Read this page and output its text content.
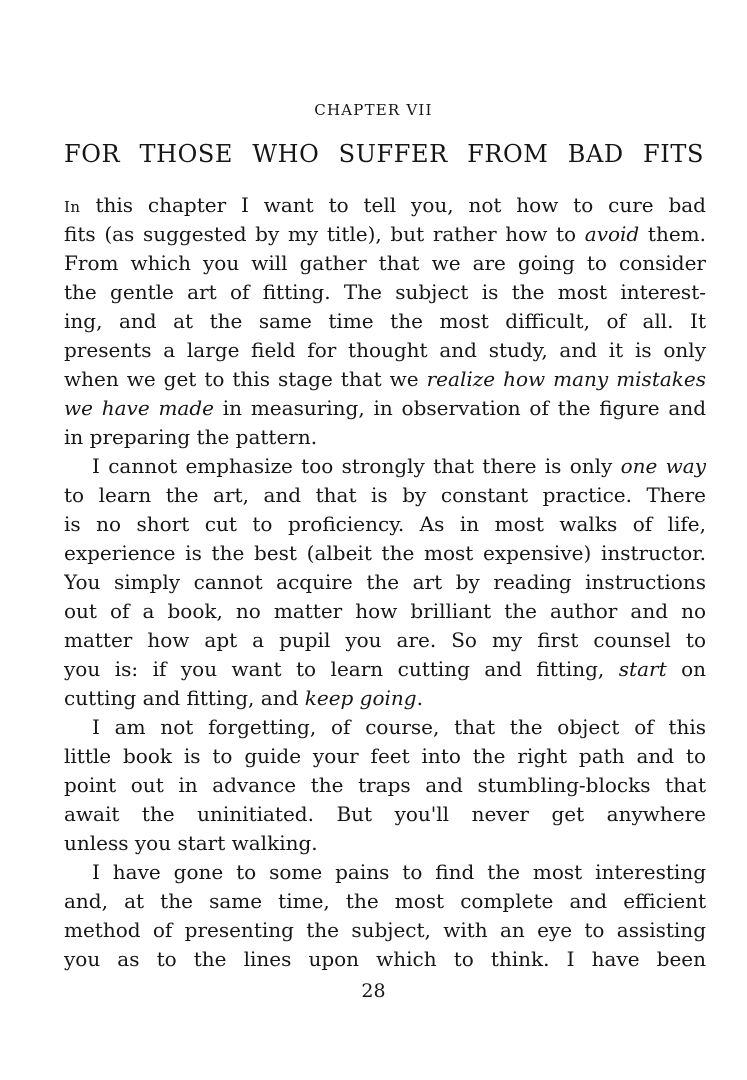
CHAPTER VII
FOR THOSE WHO SUFFER FROM BAD FITS
In this chapter I want to tell you, not how to cure bad
fits (as suggested by my title), but rather how to avoid them.
From which you will gather that we are going to consider
the gentle art of fitting. The subject is the most interest-
ing, and at the same time the most difficult, of all. It
presents a large field for thought and study, and it is only
when we get to this stage that we realize how many mistakes
we have made in measuring, in observation of the figure and
in preparing the pattern.
I cannot emphasize too strongly that there is only one way
to learn the art, and that is by constant practice. There
is no short cut to proficiency. As in most walks of life,
experience is the best (albeit the most expensive) instructor.
You simply cannot acquire the art by reading instructions
out of a book, no matter how brilliant the author and no
matter how apt a pupil you are. So my first counsel to
you is: if you want to learn cutting and fitting, start on
cutting and fitting, and keep going.
I am not forgetting, of course, that the object of this
little book is to guide your feet into the right path and to
point out in advance the traps and stumbling-blocks that
await the uninitiated. But you'll never get anywhere
unless you start walking.
I have gone to some pains to find the most interesting
and, at the same time, the most complete and efficient
method of presenting the subject, with an eye to assisting
you as to the lines upon which to think. I have been
28
